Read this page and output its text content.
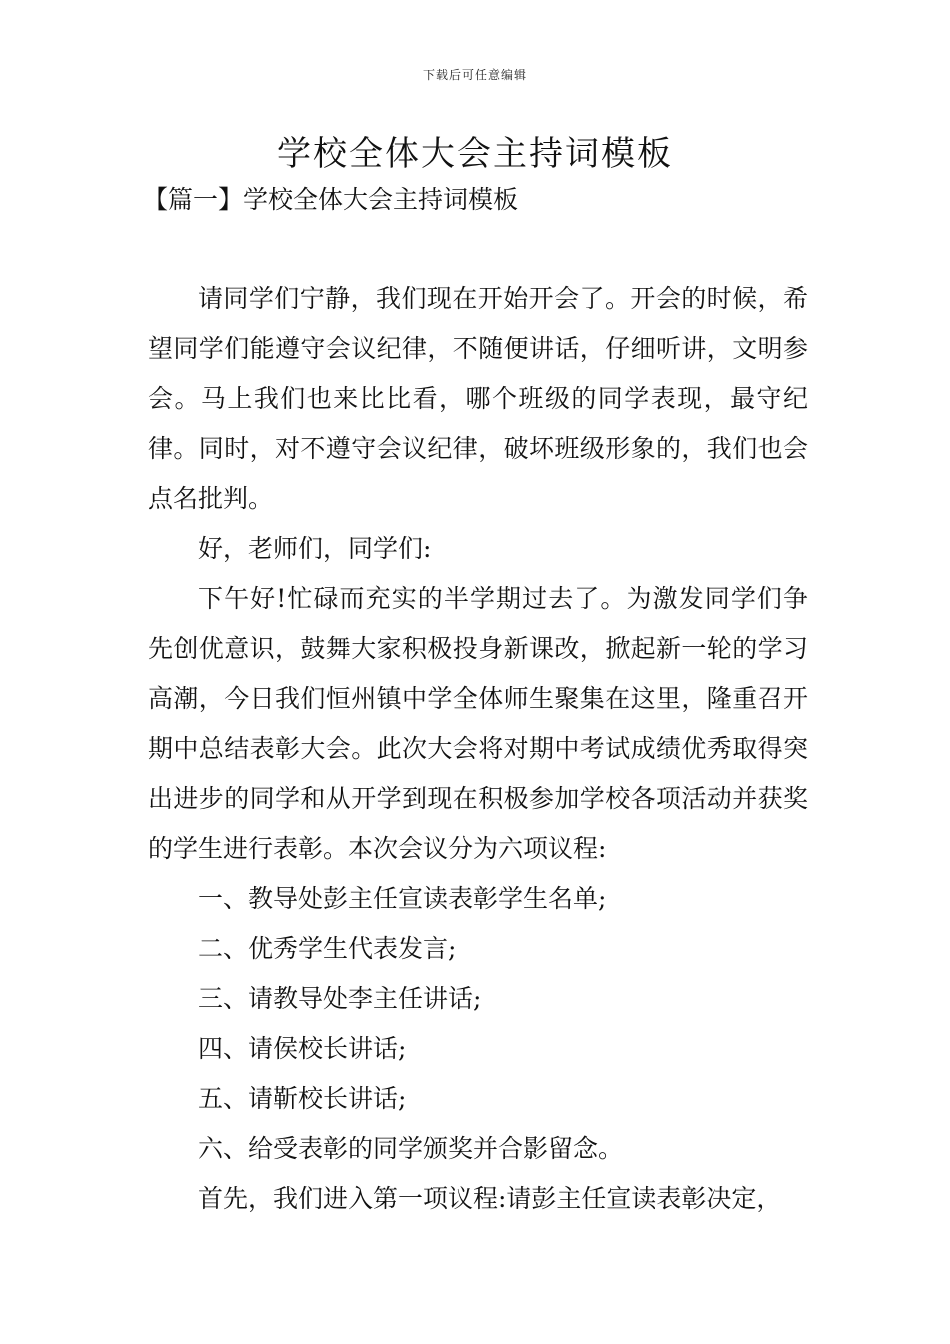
下载后可任意编辑
学校全体大会主持词模板
【篇一】学校全体大会主持词模板

请同学们宁静，我们现在开始开会了。开会的时候，希望同学们能遵守会议纪律，不随便讲话，仔细听讲，文明参会。马上我们也来比比看，哪个班级的同学表现，最守纪律。同时，对不遵守会议纪律，破坏班级形象的，我们也会点名批判。

好，老师们，同学们:

下午好!忙碌而充实的半学期过去了。为激发同学们争先创优意识，鼓舞大家积极投身新课改，掀起新一轮的学习高潮，今日我们恒州镇中学全体师生聚集在这里，隆重召开期中总结表彰大会。此次大会将对期中考试成绩优秀取得突出进步的同学和从开学到现在积极参加学校各项活动并获奖的学生进行表彰。本次会议分为六项议程:

一、教导处彭主任宣读表彰学生名单;

二、优秀学生代表发言;

三、请教导处李主任讲话;

四、请侯校长讲话;

五、请靳校长讲话;

六、给受表彰的同学颁奖并合影留念。

首先，我们进入第一项议程:请彭主任宣读表彰决定，
